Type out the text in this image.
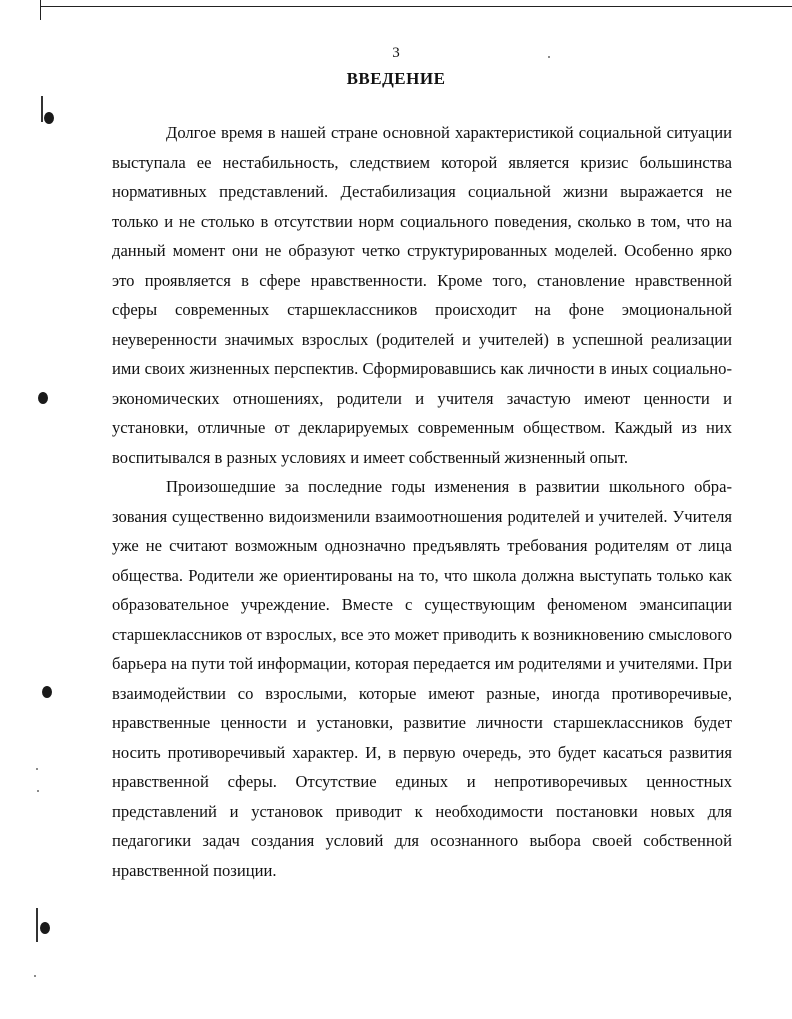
3
ВВЕДЕНИЕ

Долгое время в нашей стране основной характеристикой социальной ситуации выступала ее нестабильность, следствием которой является кризис большинства нормативных представлений. Дестабилизация социальной жизни выражается не только и не столько в отсутствии норм социального поведения, сколько в том, что на данный момент они не образуют четко структурированных моделей. Особенно ярко это проявляется в сфере нравственности. Кроме того, становление нравственной сферы современных старшеклассников происходит на фоне эмоциональной неуверенности значимых взрослых (родителей и учителей) в успешной реализации ими своих жизненных перспектив. Сформировавшись как личности в иных социально-экономических отношениях, родители и учителя зачастую имеют ценности и установки, отличные от декларируемых современным обществом. Каждый из них воспитывался в разных условиях и имеет собственный жизненный опыт.

Произошедшие за последние годы изменения в развитии школьного образования существенно видоизменили взаимоотношения родителей и учителей. Учителя уже не считают возможным однозначно предъявлять требования родителям от лица общества. Родители же ориентированы на то, что школа должна выступать только как образовательное учреждение. Вместе с существующим феноменом эмансипации старшеклассников от взрослых, все это может приводить к возникновению смыслового барьера на пути той информации, которая передается им родителями и учителями. При взаимодействии со взрослыми, которые имеют разные, иногда противоречивые, нравственные ценности и установки, развитие личности старшеклассников будет носить противоречивый характер. И, в первую очередь, это будет касаться развития нравственной сферы. Отсутствие единых и непротиворечивых ценностных представлений и установок приводит к необходимости постановки новых для педагогики задач создания условий для осознанного выбора своей собственной нравственной позиции.
